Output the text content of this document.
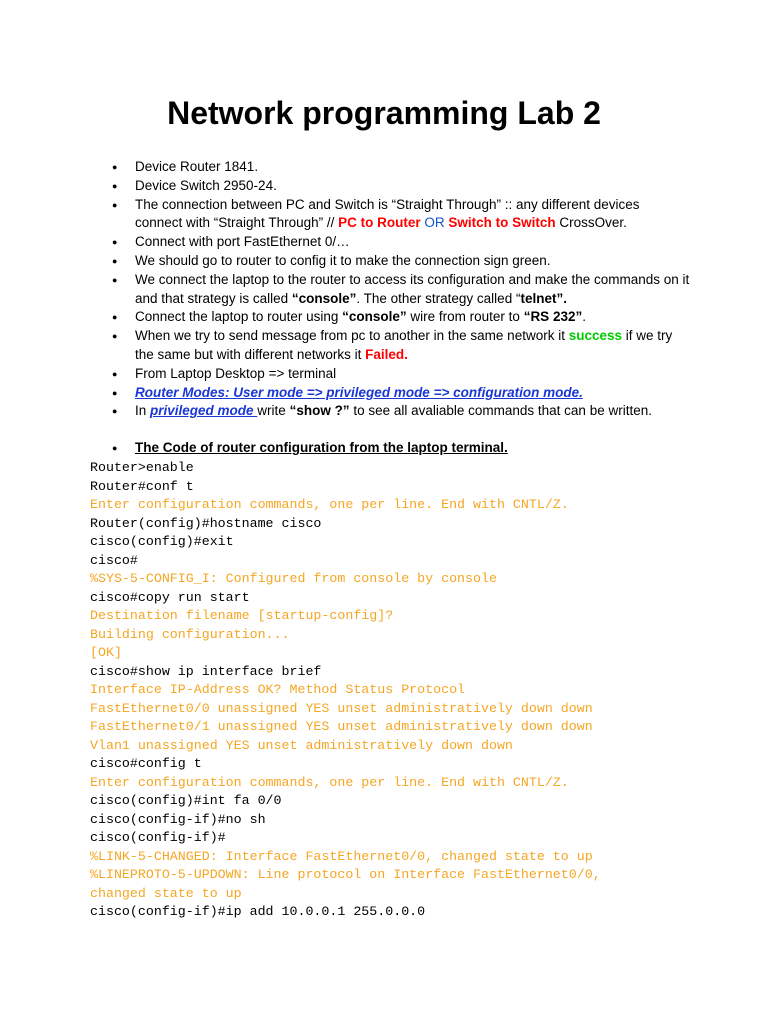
Network programming Lab 2
● Device Router 1841.
● Device Switch 2950-24.
● The connection between PC and Switch is “Straight Through” :: any different devices connect with “Straight Through” // PC to Router OR Switch to Switch CrossOver.
● Connect with port FastEthernet 0/…
● We should go to router to config it to make the connection sign green.
● We connect the laptop to the router to access its configuration and make the commands on it and that strategy is called “console”. The other strategy called “telnet”.
● Connect the laptop to router using “console” wire from router to “RS 232”.
● When we try to send message from pc to another in the same network it success if we try the same but with different networks it Failed.
● From Laptop Desktop => terminal
● Router Modes: User mode => privileged mode => configuration mode.
● In privileged mode write “show ?” to see all avaliable commands that can be written.
● The Code of router configuration from the laptop terminal.
Router>enable
Router#conf t
Enter configuration commands, one per line. End with CNTL/Z.
Router(config)#hostname cisco
cisco(config)#exit
cisco#
%SYS-5-CONFIG_I: Configured from console by console
cisco#copy run start
Destination filename [startup-config]?
Building configuration...
[OK]
cisco#show ip interface brief
Interface IP-Address OK? Method Status Protocol
FastEthernet0/0 unassigned YES unset administratively down down
FastEthernet0/1 unassigned YES unset administratively down down
Vlan1 unassigned YES unset administratively down down
cisco#config t
Enter configuration commands, one per line. End with CNTL/Z.
cisco(config)#int fa 0/0
cisco(config-if)#no sh
cisco(config-if)#
%LINK-5-CHANGED: Interface FastEthernet0/0, changed state to up
%LINEPROTO-5-UPDOWN: Line protocol on Interface FastEthernet0/0,
changed state to up
cisco(config-if)#ip add 10.0.0.1 255.0.0.0
